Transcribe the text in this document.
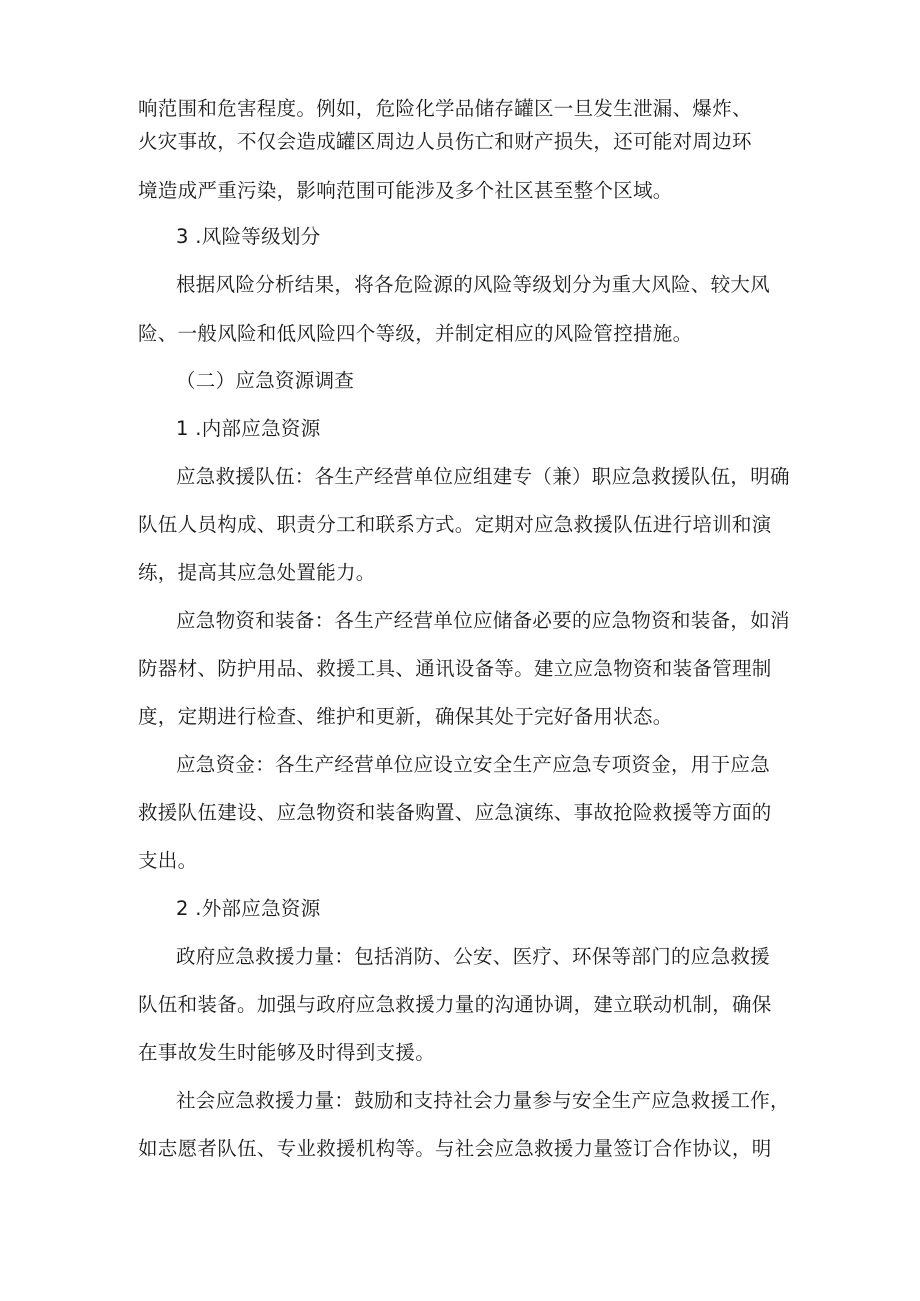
响范围和危害程度。例如，危险化学品储存罐区一旦发生泄漏、爆炸、
火灾事故，不仅会造成罐区周边人员伤亡和财产损失，还可能对周边环
境造成严重污染，影响范围可能涉及多个社区甚至整个区域。
3 .风险等级划分
根据风险分析结果，将各危险源的风险等级划分为重大风险、较大风
险、一般风险和低风险四个等级，并制定相应的风险管控措施。
（二）应急资源调查
1 .内部应急资源
应急救援队伍：各生产经营单位应组建专（兼）职应急救援队伍，明确
队伍人员构成、职责分工和联系方式。定期对应急救援队伍进行培训和演
练，提高其应急处置能力。
应急物资和装备：各生产经营单位应储备必要的应急物资和装备，如消
防器材、防护用品、救援工具、通讯设备等。建立应急物资和装备管理制
度，定期进行检查、维护和更新，确保其处于完好备用状态。
应急资金：各生产经营单位应设立安全生产应急专项资金，用于应急
救援队伍建设、应急物资和装备购置、应急演练、事故抢险救援等方面的
支出。
2 .外部应急资源
政府应急救援力量：包括消防、公安、医疗、环保等部门的应急救援
队伍和装备。加强与政府应急救援力量的沟通协调，建立联动机制，确保
在事故发生时能够及时得到支援。
社会应急救援力量：鼓励和支持社会力量参与安全生产应急救援工作，
如志愿者队伍、专业救援机构等。与社会应急救援力量签订合作协议，明
